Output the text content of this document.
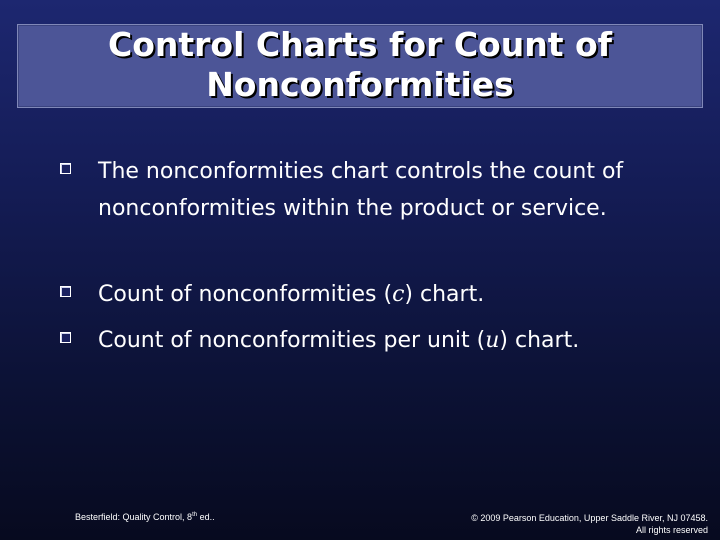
Control Charts for Count of Nonconformities
The nonconformities chart controls the count of nonconformities within the product or service.
Count of nonconformities (c) chart.
Count of nonconformities per unit (u) chart.
Besterfield: Quality Control, 8th ed..	© 2009 Pearson Education, Upper Saddle River, NJ 07458.
All rights reserved
